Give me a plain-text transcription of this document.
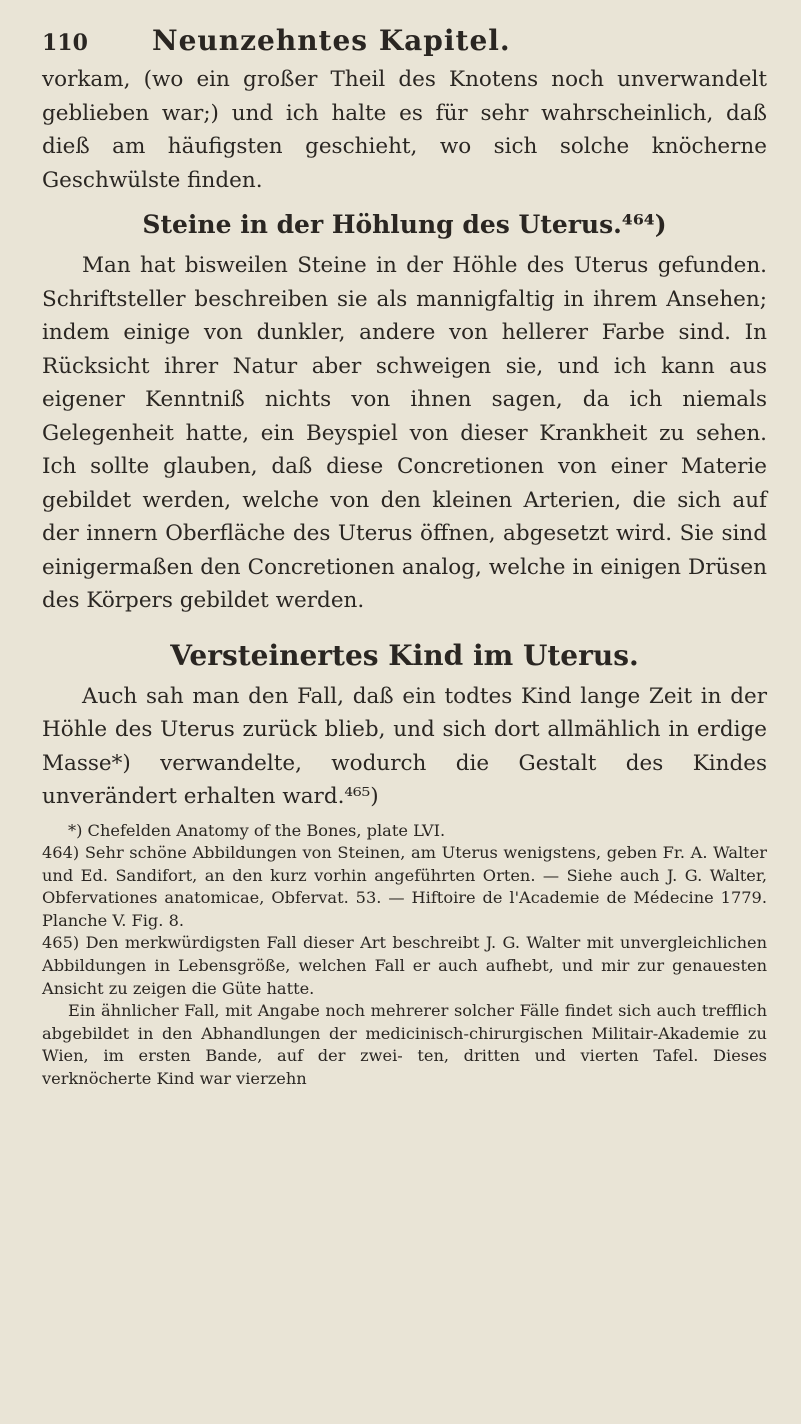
110 Neunzehntes Kapitel.

vorkam, (wo ein großer Theil des Knotens noch unverwandelt geblieben war;) und ich halte es für sehr wahrscheinlich, daß dieß am häufigsten geschieht, wo sich solche knöcherne Geschwülste finden.

Steine in der Höhlung des Uterus.⁴⁶⁴)

Man hat bisweilen Steine in der Höhle des Uterus gefunden. Schriftsteller beschreiben sie als mannigfaltig in ihrem Ansehen; indem einige von dunkler, andere von hellerer Farbe sind. In Rücksicht ihrer Natur aber schweigen sie, und ich kann aus eigener Kenntniß nichts von ihnen sagen, da ich niemals Gelegenheit hatte, ein Beyspiel von dieser Krankheit zu sehen. Ich sollte glauben, daß diese Concretionen von einer Materie gebildet werden, welche von den kleinen Arterien, die sich auf der innern Oberfläche des Uterus öffnen, abgesetzt wird. Sie sind einigermaßen den Concretionen analog, welche in einigen Drüsen des Körpers gebildet werden.

Versteinertes Kind im Uterus.

Auch sah man den Fall, daß ein todtes Kind lange Zeit in der Höhle des Uterus zurück blieb, und sich dort allmählich in erdige Masse*) verwandelte, wodurch die Gestalt des Kindes unverändert erhalten ward.⁴⁶⁵)

*) Chefelden Anatomy of the Bones, plate LVI.

464) Sehr schöne Abbildungen von Steinen, am Uterus wenigstens, geben Fr. A. Walter und Ed. Sandifort, an den kurz vorhin angeführten Orten. — Siehe auch J. G. Walter, Obfervationes anatomicae, Obfervat. 53. — Hiftoire de l'Academie de Médecine 1779. Planche V. Fig. 8.

465) Den merkwürdigsten Fall dieser Art beschreibt J. G. Walter mit unvergleichlichen Abbildungen in Lebensgröße, welchen Fall er auch aufhebt, und mir zur genauesten Ansicht zu zeigen die Güte hatte.

Ein ähnlicher Fall, mit Angabe noch mehrerer solcher Fälle findet sich auch trefflich abgebildet in den Abhandlungen der medicinisch-chirurgischen Militair-Akademie zu Wien, im ersten Bande, auf der zwei- ten, dritten und vierten Tafel. Dieses verknöcherte Kind war vierzehn
